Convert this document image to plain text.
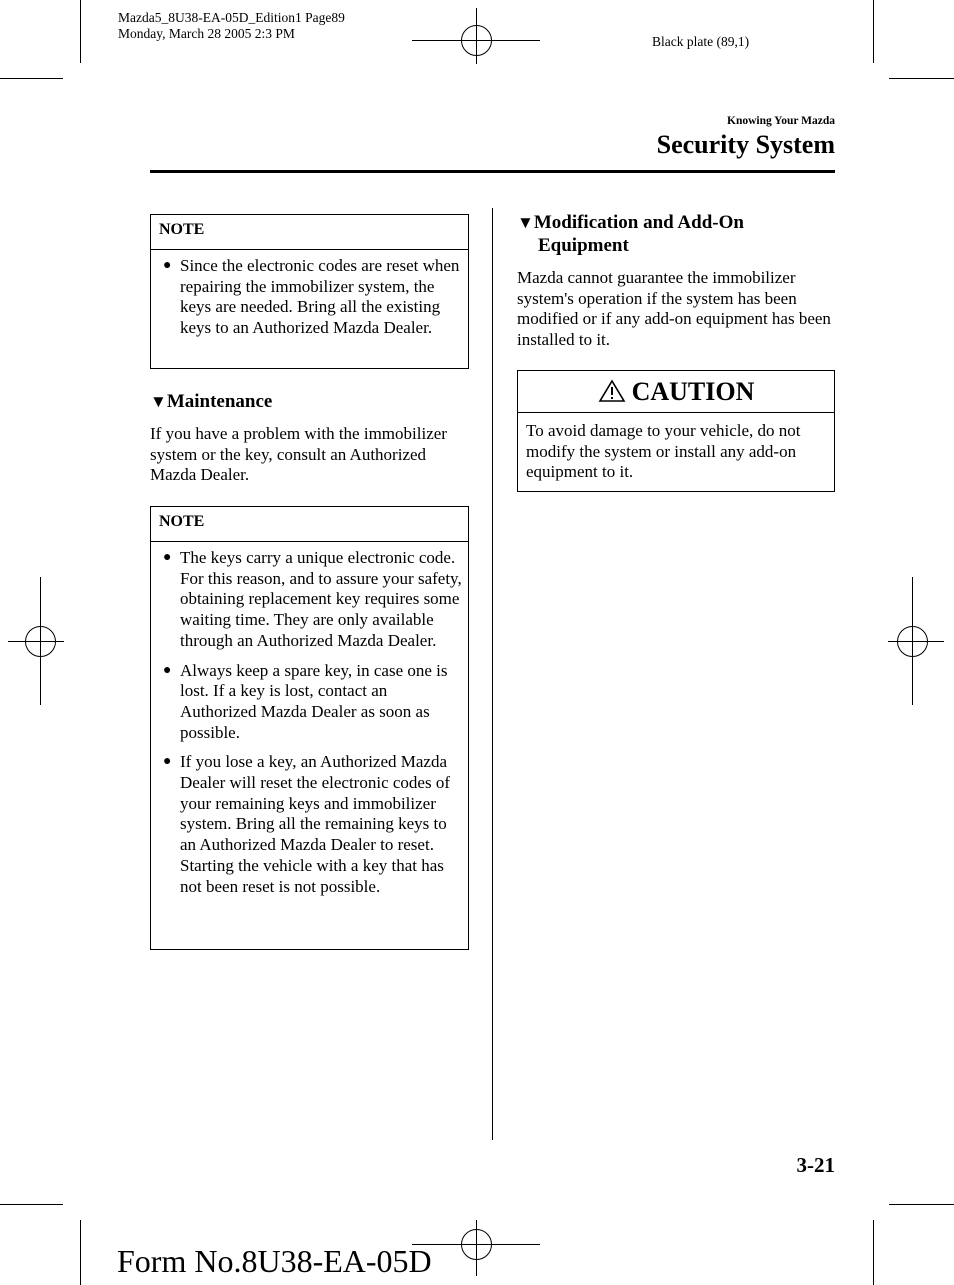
Mazda5_8U38-EA-05D_Edition1 Page89
Monday, March 28 2005 2:3 PM
Black plate (89,1)
Knowing Your Mazda
Security System
NOTE
● Since the electronic codes are reset when repairing the immobilizer system, the keys are needed. Bring all the existing keys to an Authorized Mazda Dealer.
▼Maintenance
If you have a problem with the immobilizer system or the key, consult an Authorized Mazda Dealer.
NOTE
● The keys carry a unique electronic code. For this reason, and to assure your safety, obtaining replacement key requires some waiting time. They are only available through an Authorized Mazda Dealer.
● Always keep a spare key, in case one is lost. If a key is lost, contact an Authorized Mazda Dealer as soon as possible.
● If you lose a key, an Authorized Mazda Dealer will reset the electronic codes of your remaining keys and immobilizer system. Bring all the remaining keys to an Authorized Mazda Dealer to reset. Starting the vehicle with a key that has not been reset is not possible.
▼Modification and Add-On
Equipment
Mazda cannot guarantee the immobilizer system's operation if the system has been modified or if any add-on equipment has been installed to it.
CAUTION
To avoid damage to your vehicle, do not modify the system or install any add-on equipment to it.
3-21
Form No.8U38-EA-05D
